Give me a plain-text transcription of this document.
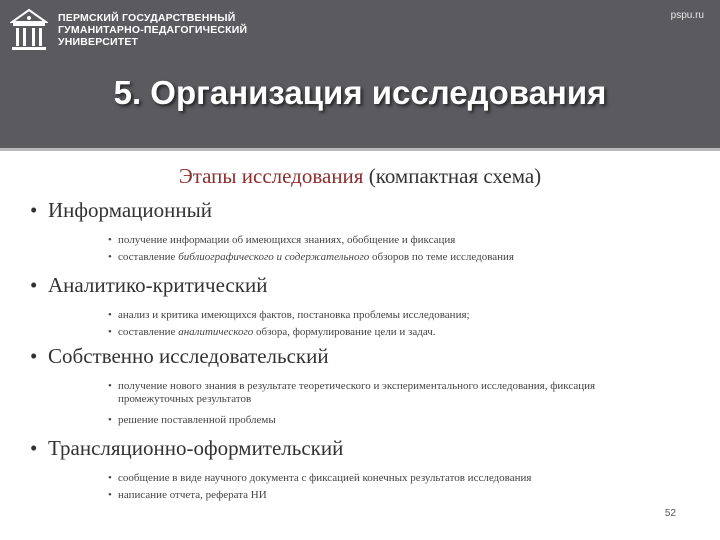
ПЕРМСКИЙ ГОСУДАРСТВЕННЫЙ
ГУМАНИТАРНО-ПЕДАГОГИЧЕСКИЙ
УНИВЕРСИТЕТ
pspu.ru
5. Организация исследования
Этапы исследования (компактная схема)
• Информационный
• получение информации об имеющихся знаниях, обобщение и фиксация
• составление библиографического и содержательного обзоров по теме исследования
• Аналитико-критический
• анализ и критика имеющихся фактов, постановка проблемы исследования;
• составление аналитического обзора, формулирование цели и задач.
• Собственно исследовательский
• получение нового знания в результате теоретического и экспериментального исследования, фиксация промежуточных результатов
• решение поставленной проблемы
• Трансляционно-оформительский
• сообщение в виде научного документа с фиксацией конечных результатов исследования
• написание отчета, реферата НИ
52
